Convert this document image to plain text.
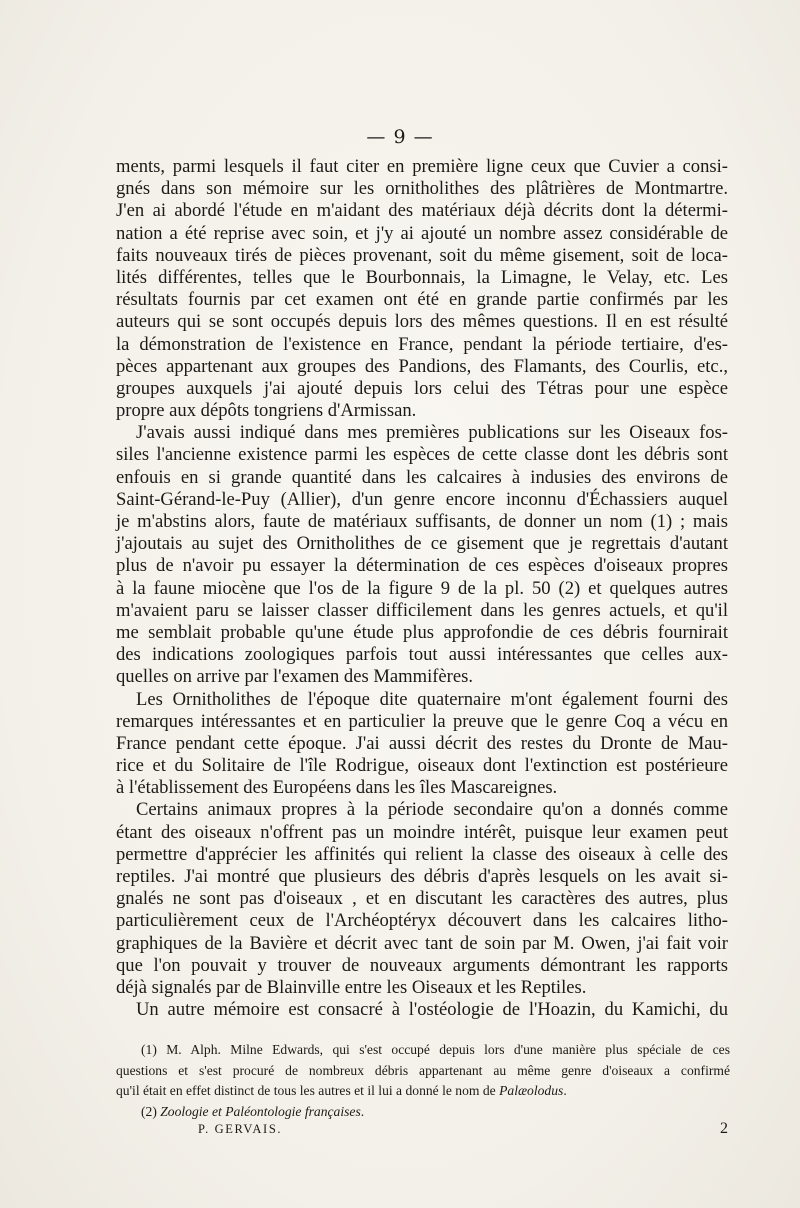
— 9 —
ments, parmi lesquels il faut citer en première ligne ceux que Cuvier a consi-
gnés dans son mémoire sur les ornitholithes des plâtrières de Montmartre.
J'en ai abordé l'étude en m'aidant des matériaux déjà décrits dont la détermi-
nation a été reprise avec soin, et j'y ai ajouté un nombre assez considérable de
faits nouveaux tirés de pièces provenant, soit du même gisement, soit de loca-
lités différentes, telles que le Bourbonnais, la Limagne, le Velay, etc. Les
résultats fournis par cet examen ont été en grande partie confirmés par les
auteurs qui se sont occupés depuis lors des mêmes questions. Il en est résulté
la démonstration de l'existence en France, pendant la période tertiaire, d'es-
pèces appartenant aux groupes des Pandions, des Flamants, des Courlis, etc.,
groupes auxquels j'ai ajouté depuis lors celui des Tétras pour une espèce
propre aux dépôts tongriens d'Armissan.
J'avais aussi indiqué dans mes premières publications sur les Oiseaux fos-
siles l'ancienne existence parmi les espèces de cette classe dont les débris sont
enfouis en si grande quantité dans les calcaires à indusies des environs de
Saint-Gérand-le-Puy (Allier), d'un genre encore inconnu d'Échassiers auquel
je m'abstins alors, faute de matériaux suffisants, de donner un nom (1) ; mais
j'ajoutais au sujet des Ornitholithes de ce gisement que je regrettais d'autant
plus de n'avoir pu essayer la détermination de ces espèces d'oiseaux propres
à la faune miocène que l'os de la figure 9 de la pl. 50 (2) et quelques autres
m'avaient paru se laisser classer difficilement dans les genres actuels, et qu'il
me semblait probable qu'une étude plus approfondie de ces débris fournirait
des indications zoologiques parfois tout aussi intéressantes que celles aux-
quelles on arrive par l'examen des Mammifères.
Les Ornitholithes de l'époque dite quaternaire m'ont également fourni des
remarques intéressantes et en particulier la preuve que le genre Coq a vécu en
France pendant cette époque. J'ai aussi décrit des restes du Dronte de Mau-
rice et du Solitaire de l'île Rodrigue, oiseaux dont l'extinction est postérieure
à l'établissement des Européens dans les îles Mascareignes.
Certains animaux propres à la période secondaire qu'on a donnés comme
étant des oiseaux n'offrent pas un moindre intérêt, puisque leur examen peut
permettre d'apprécier les affinités qui relient la classe des oiseaux à celle des
reptiles. J'ai montré que plusieurs des débris d'après lesquels on les avait si-
gnalés ne sont pas d'oiseaux , et en discutant les caractères des autres, plus
particulièrement ceux de l'Archéoptéryx découvert dans les calcaires litho-
graphiques de la Bavière et décrit avec tant de soin par M. Owen, j'ai fait voir
que l'on pouvait y trouver de nouveaux arguments démontrant les rapports
déjà signalés par de Blainville entre les Oiseaux et les Reptiles.
Un autre mémoire est consacré à l'ostéologie de l'Hoazin, du Kamichi, du
(1) M. Alph. Milne Edwards, qui s'est occupé depuis lors d'une manière plus spéciale de ces
questions et s'est procuré de nombreux débris appartenant au même genre d'oiseaux a confirmé
qu'il était en effet distinct de tous les autres et il lui a donné le nom de Palæolodus.
(2) Zoologie et Paléontologie françaises.
P. GERVAIS.	2
